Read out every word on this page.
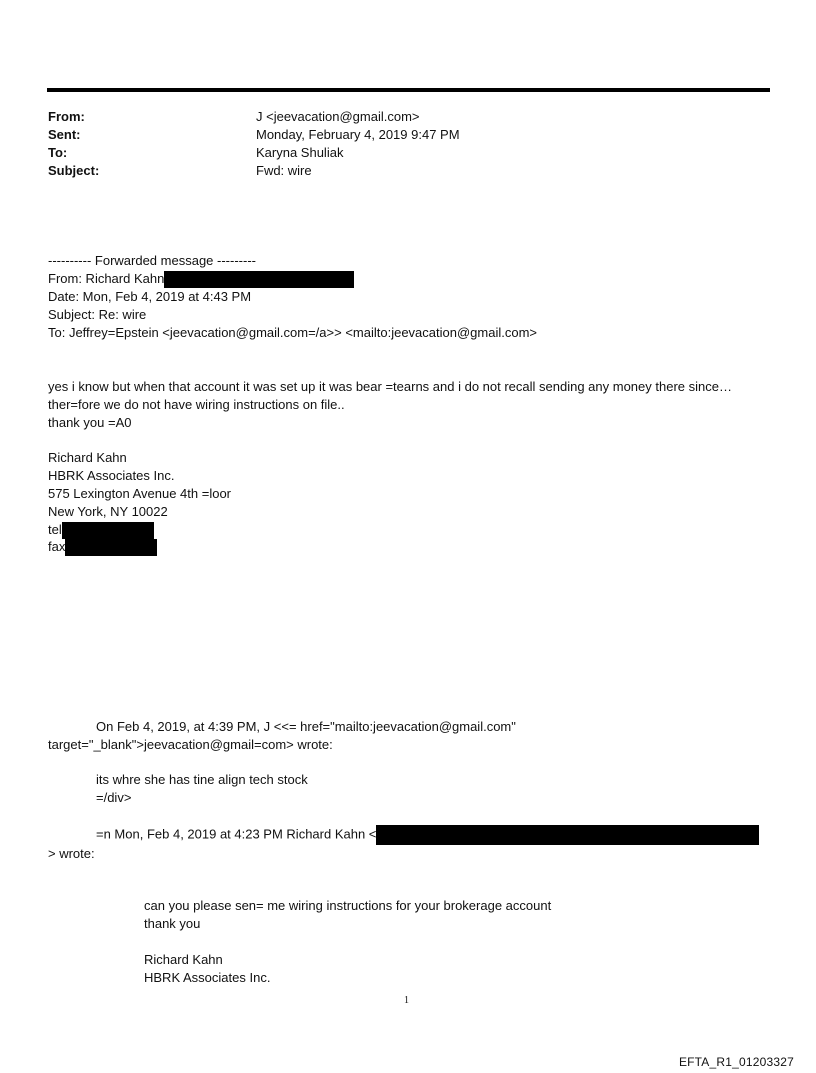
From:	J <jeevacation@gmail.com>
Sent:	Monday, February 4, 2019 9:47 PM
To:	Karyna Shuliak
Subject:	Fwd: wire
---------- Forwarded message ---------
From: Richard Kahn
Date: Mon, Feb 4, 2019 at 4:43 PM
Subject: Re: wire
To: Jeffrey=Epstein <jeevacation@gmail.com=/a>> <mailto:jeevacation@gmail.com>
yes i know but when that account it was set up it was bear =tearns and i do not recall sending any money there since…
ther=fore we do not have wiring instructions on file..
thank you =A0
Richard Kahn
HBRK Associates Inc.
575 Lexington Avenue 4th =loor
New York, NY 10022
tel
fax
On Feb 4, 2019, at 4:39 PM, J <<= href="mailto:jeevacation@gmail.com"
target="_blank">jeevacation@gmail=com> wrote:
its whre she has tine align tech stock
=/div>
=n Mon, Feb 4, 2019 at 4:23 PM Richard Kahn <
> wrote:
can you please sen= me wiring instructions for your brokerage account
thank you
Richard Kahn
HBRK Associates Inc.
1
EFTA_R1_01203327
